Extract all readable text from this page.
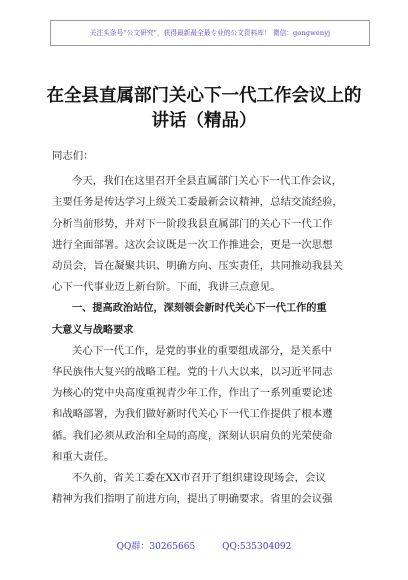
关注头条号“公文研究”，获得最新最全最专业的公文资料库！ 微信：gongwenyj
在全县直属部门关心下一代工作会议上的
讲话（精品）
同志们：
今天，我们在这里召开全县直属部门关心下一代工作会议，
主要任务是传达学习上级关工委最新会议精神，总结交流经验，
分析当前形势，并对下一阶段我县直属部门的关心下一代工作
进行全面部署。这次会议既是一次工作推进会，更是一次思想
动员会，旨在凝聚共识、明确方向、压实责任，共同推动我县关
心下一代事业迈上新台阶。下面，我讲三点意见。
一、提高政治站位，深刻领会新时代关心下一代工作的重
大意义与战略要求
关心下一代工作，是党的事业的重要组成部分，是关系中
华民族伟大复兴的战略工程。党的十八大以来，以习近平同志
为核心的党中央高度重视青少年工作，作出了一系列重要论述
和战略部署，为我们做好新时代关心下一代工作提供了根本遵
循。我们必须从政治和全局的高度，深刻认识肩负的光荣使命
和重大责任。
不久前，省关工委在XX市召开了组织建设现场会，会议
精神为我们指明了前进方向，提出了明确要求。省里的会议强
QQ群：30265665	QQ:535304092
